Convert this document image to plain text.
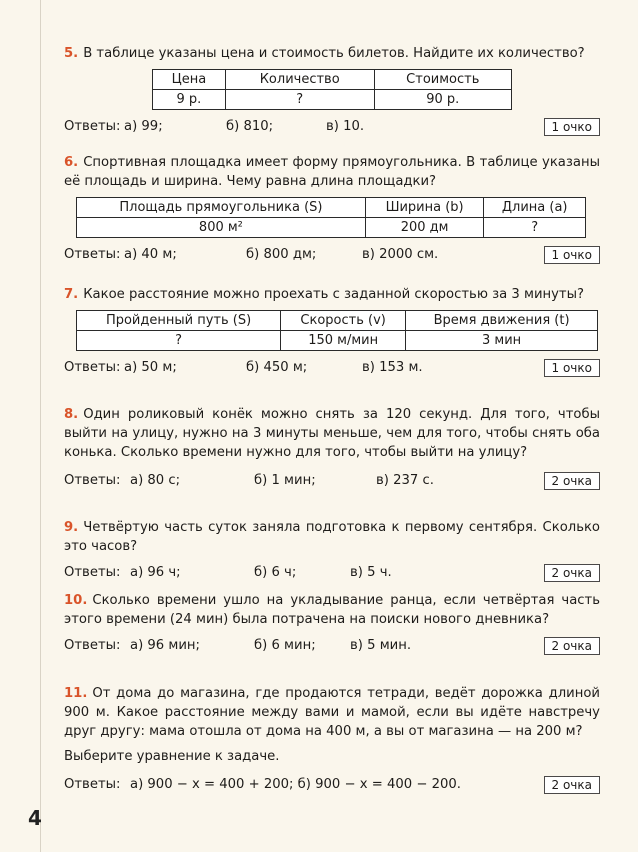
5. В таблице указаны цена и стоимость билетов. Найдите их количество?
Цена	Количество	Стоимость
9 р.	?	90 р.
Ответы: а) 99;	б) 810;	в) 10.	1 очко
6. Спортивная площадка имеет форму прямоугольника. В таблице указаны её площадь и ширина. Чему равна длина площадки?
Площадь прямоугольника (S)	Ширина (b)	Длина (a)
800 м²	200 дм	?
Ответы: а) 40 м;	б) 800 дм;	в) 2000 см.	1 очко
7. Какое расстояние можно проехать с заданной скоростью за 3 минуты?
Пройденный путь (S)	Скорость (v)	Время движения (t)
?	150 м/мин	3 мин
Ответы: а) 50 м;	б) 450 м;	в) 153 м.	1 очко
8. Один роликовый конёк можно снять за 120 секунд. Для того, чтобы выйти на улицу, нужно на 3 минуты меньше, чем для того, чтобы снять оба конька. Сколько времени нужно для того, чтобы выйти на улицу?
Ответы: а) 80 с;	б) 1 мин;	в) 237 с.	2 очка
9. Четвёртую часть суток заняла подготовка к первому сентября. Сколько это часов?
Ответы: а) 96 ч;	б) 6 ч;	в) 5 ч.	2 очка
10. Сколько времени ушло на укладывание ранца, если четвёртая часть этого времени (24 мин) была потрачена на поиски нового дневника?
Ответы: а) 96 мин;	б) 6 мин;	в) 5 мин.	2 очка
11. От дома до магазина, где продаются тетради, ведёт дорожка длиной 900 м. Какое расстояние между вами и мамой, если вы идёте навстречу друг другу: мама отошла от дома на 400 м, а вы от магазина — на 200 м?
Выберите уравнение к задаче.
Ответы: а) 900 − x = 400 + 200; б) 900 − x = 400 − 200.	2 очка
4
